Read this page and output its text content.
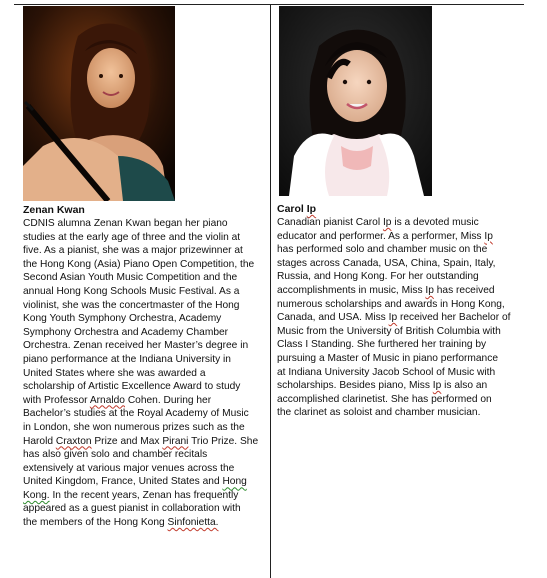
Zenan Kwan

CDNIS alumna Zenan Kwan began her piano
studies at the early age of three and the violin at
five. As a pianist, she was a major prizewinner at
the Hong Kong (Asia) Piano Open Competition, the
Second Asian Youth Music Competition and the
annual Hong Kong Schools Music Festival. As a
violinist, she was the concertmaster of the Hong
Kong Youth Symphony Orchestra, Academy
Symphony Orchestra and Academy Chamber
Orchestra. Zenan received her Master’s degree in
piano performance at the Indiana University in
United States where she was awarded a
scholarship of Artistic Excellence Award to study
with Professor Arnaldo Cohen. During her
Bachelor’s studies at the Royal Academy of Music
in London, she won numerous prizes such as the
Harold Craxton Prize and Max Pirani Trio Prize. She
has also given solo and chamber recitals
extensively at various major venues across the
United Kingdom, France, United States and Hong
Kong. In the recent years, Zenan has frequently
appeared as a guest pianist in collaboration with
the members of the Hong Kong Sinfonietta.

Carol Ip

Canadian pianist Carol Ip is a devoted music
educator and performer. As a performer, Miss Ip
has performed solo and chamber music on the
stages across Canada, USA, China, Spain, Italy,
Russia, and Hong Kong. For her outstanding
accomplishments in music, Miss Ip has received
numerous scholarships and awards in Hong Kong,
Canada, and USA. Miss Ip received her Bachelor of
Music from the University of British Columbia with
Class I Standing. She furthered her training by
pursuing a Master of Music in piano performance
at Indiana University Jacob School of Music with
scholarships. Besides piano, Miss Ip is also an
accomplished clarinetist. She has performed on
the clarinet as soloist and chamber musician.
